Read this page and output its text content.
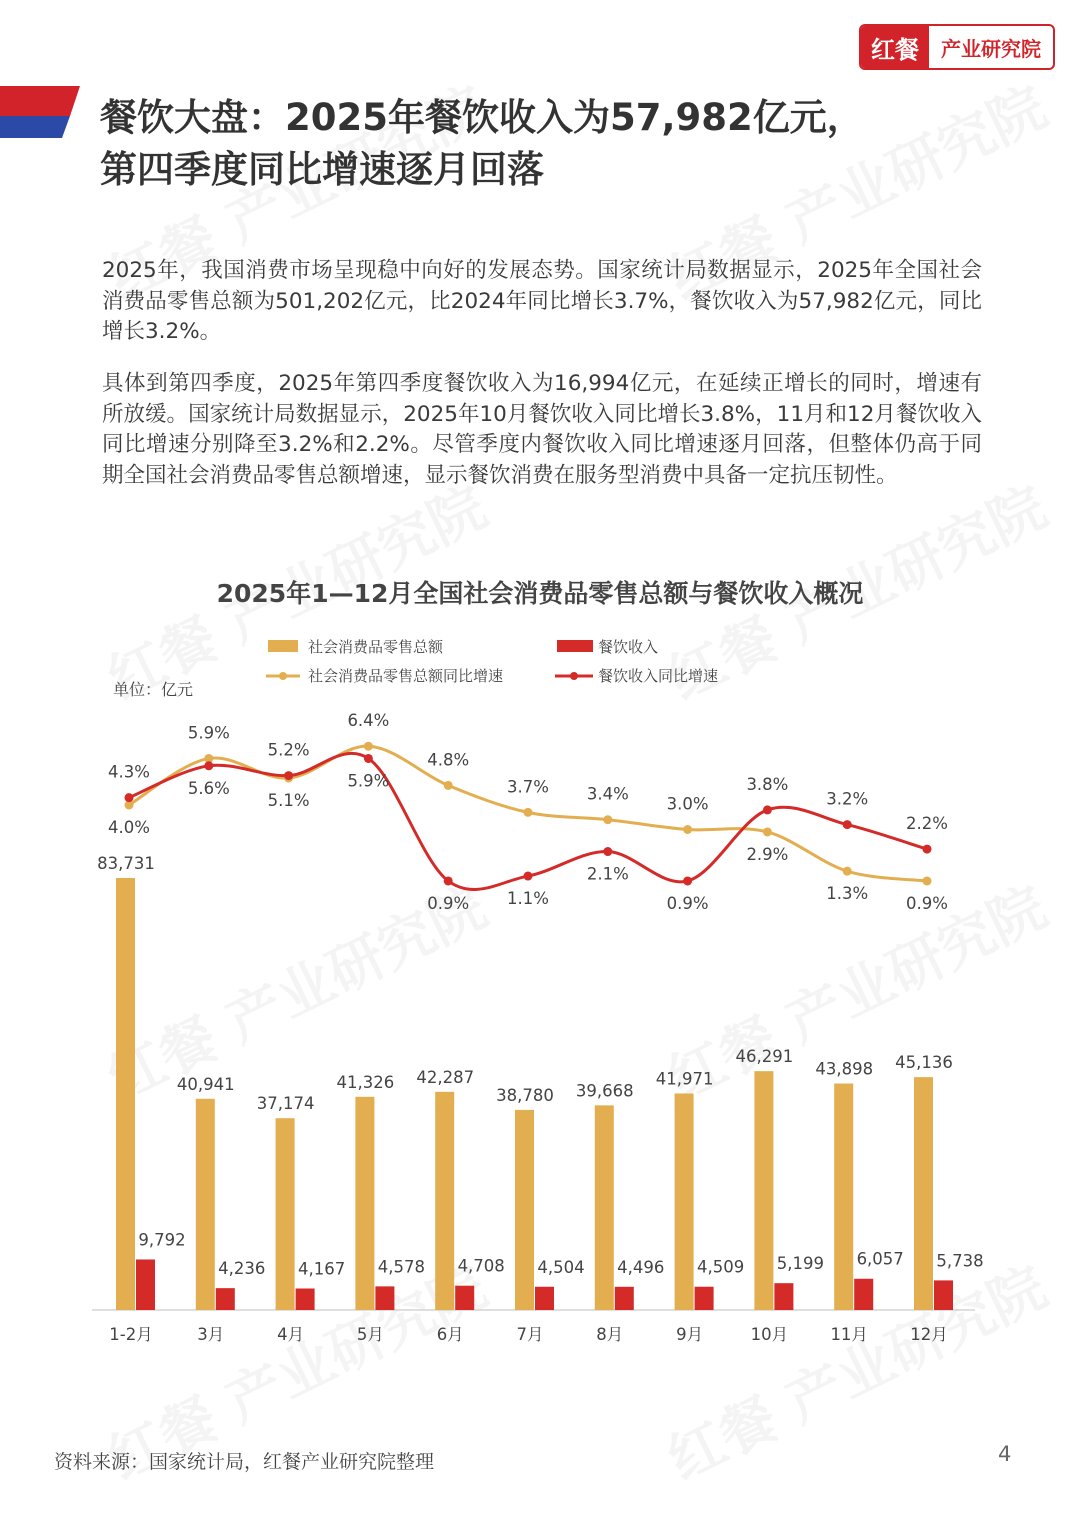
红餐	产业研究院
餐饮大盘：2025年餐饮收入为57,982亿元，
第四季度同比增速逐月回落

2025年，我国消费市场呈现稳中向好的发展态势。国家统计局数据显示，2025年全国社会消费品零售总额为501,202亿元，比2024年同比增长3.7%，餐饮收入为57,982亿元，同比增长3.2%。

具体到第四季度，2025年第四季度餐饮收入为16,994亿元，在延续正增长的同时，增速有所放缓。国家统计局数据显示，2025年10月餐饮收入同比增长3.8%，11月和12月餐饮收入同比增速分别降至3.2%和2.2%。尽管季度内餐饮收入同比增速逐月回落，但整体仍高于同期全国社会消费品零售总额增速，显示餐饮消费在服务型消费中具备一定抗压韧性。

2025年1—12月全国社会消费品零售总额与餐饮收入概况
社会消费品零售总额	餐饮收入
社会消费品零售总额同比增速	餐饮收入同比增速
单位：亿元
83,731
9,792
1-2月
40,941
4,236
3月
37,174
4,167
4月
41,326
4,578
5月
42,287
4,708
6月
38,780
4,504
7月
39,668
4,496
8月
41,971
4,509
9月
46,291
5,199
10月
43,898
6,057
11月
45,136
5,738
12月
4.0%
5.9%
5.1%
6.4%
4.8%
3.7% 3.4%
3.0%
2.9%
1.3%
0.9%
4.3%
5.6%
5.2%
5.9%
0.9% 1.1%
2.1%
0.9%
3.8%
3.2%
2.2%
资料来源：国家统计局，红餐产业研究院整理	4
